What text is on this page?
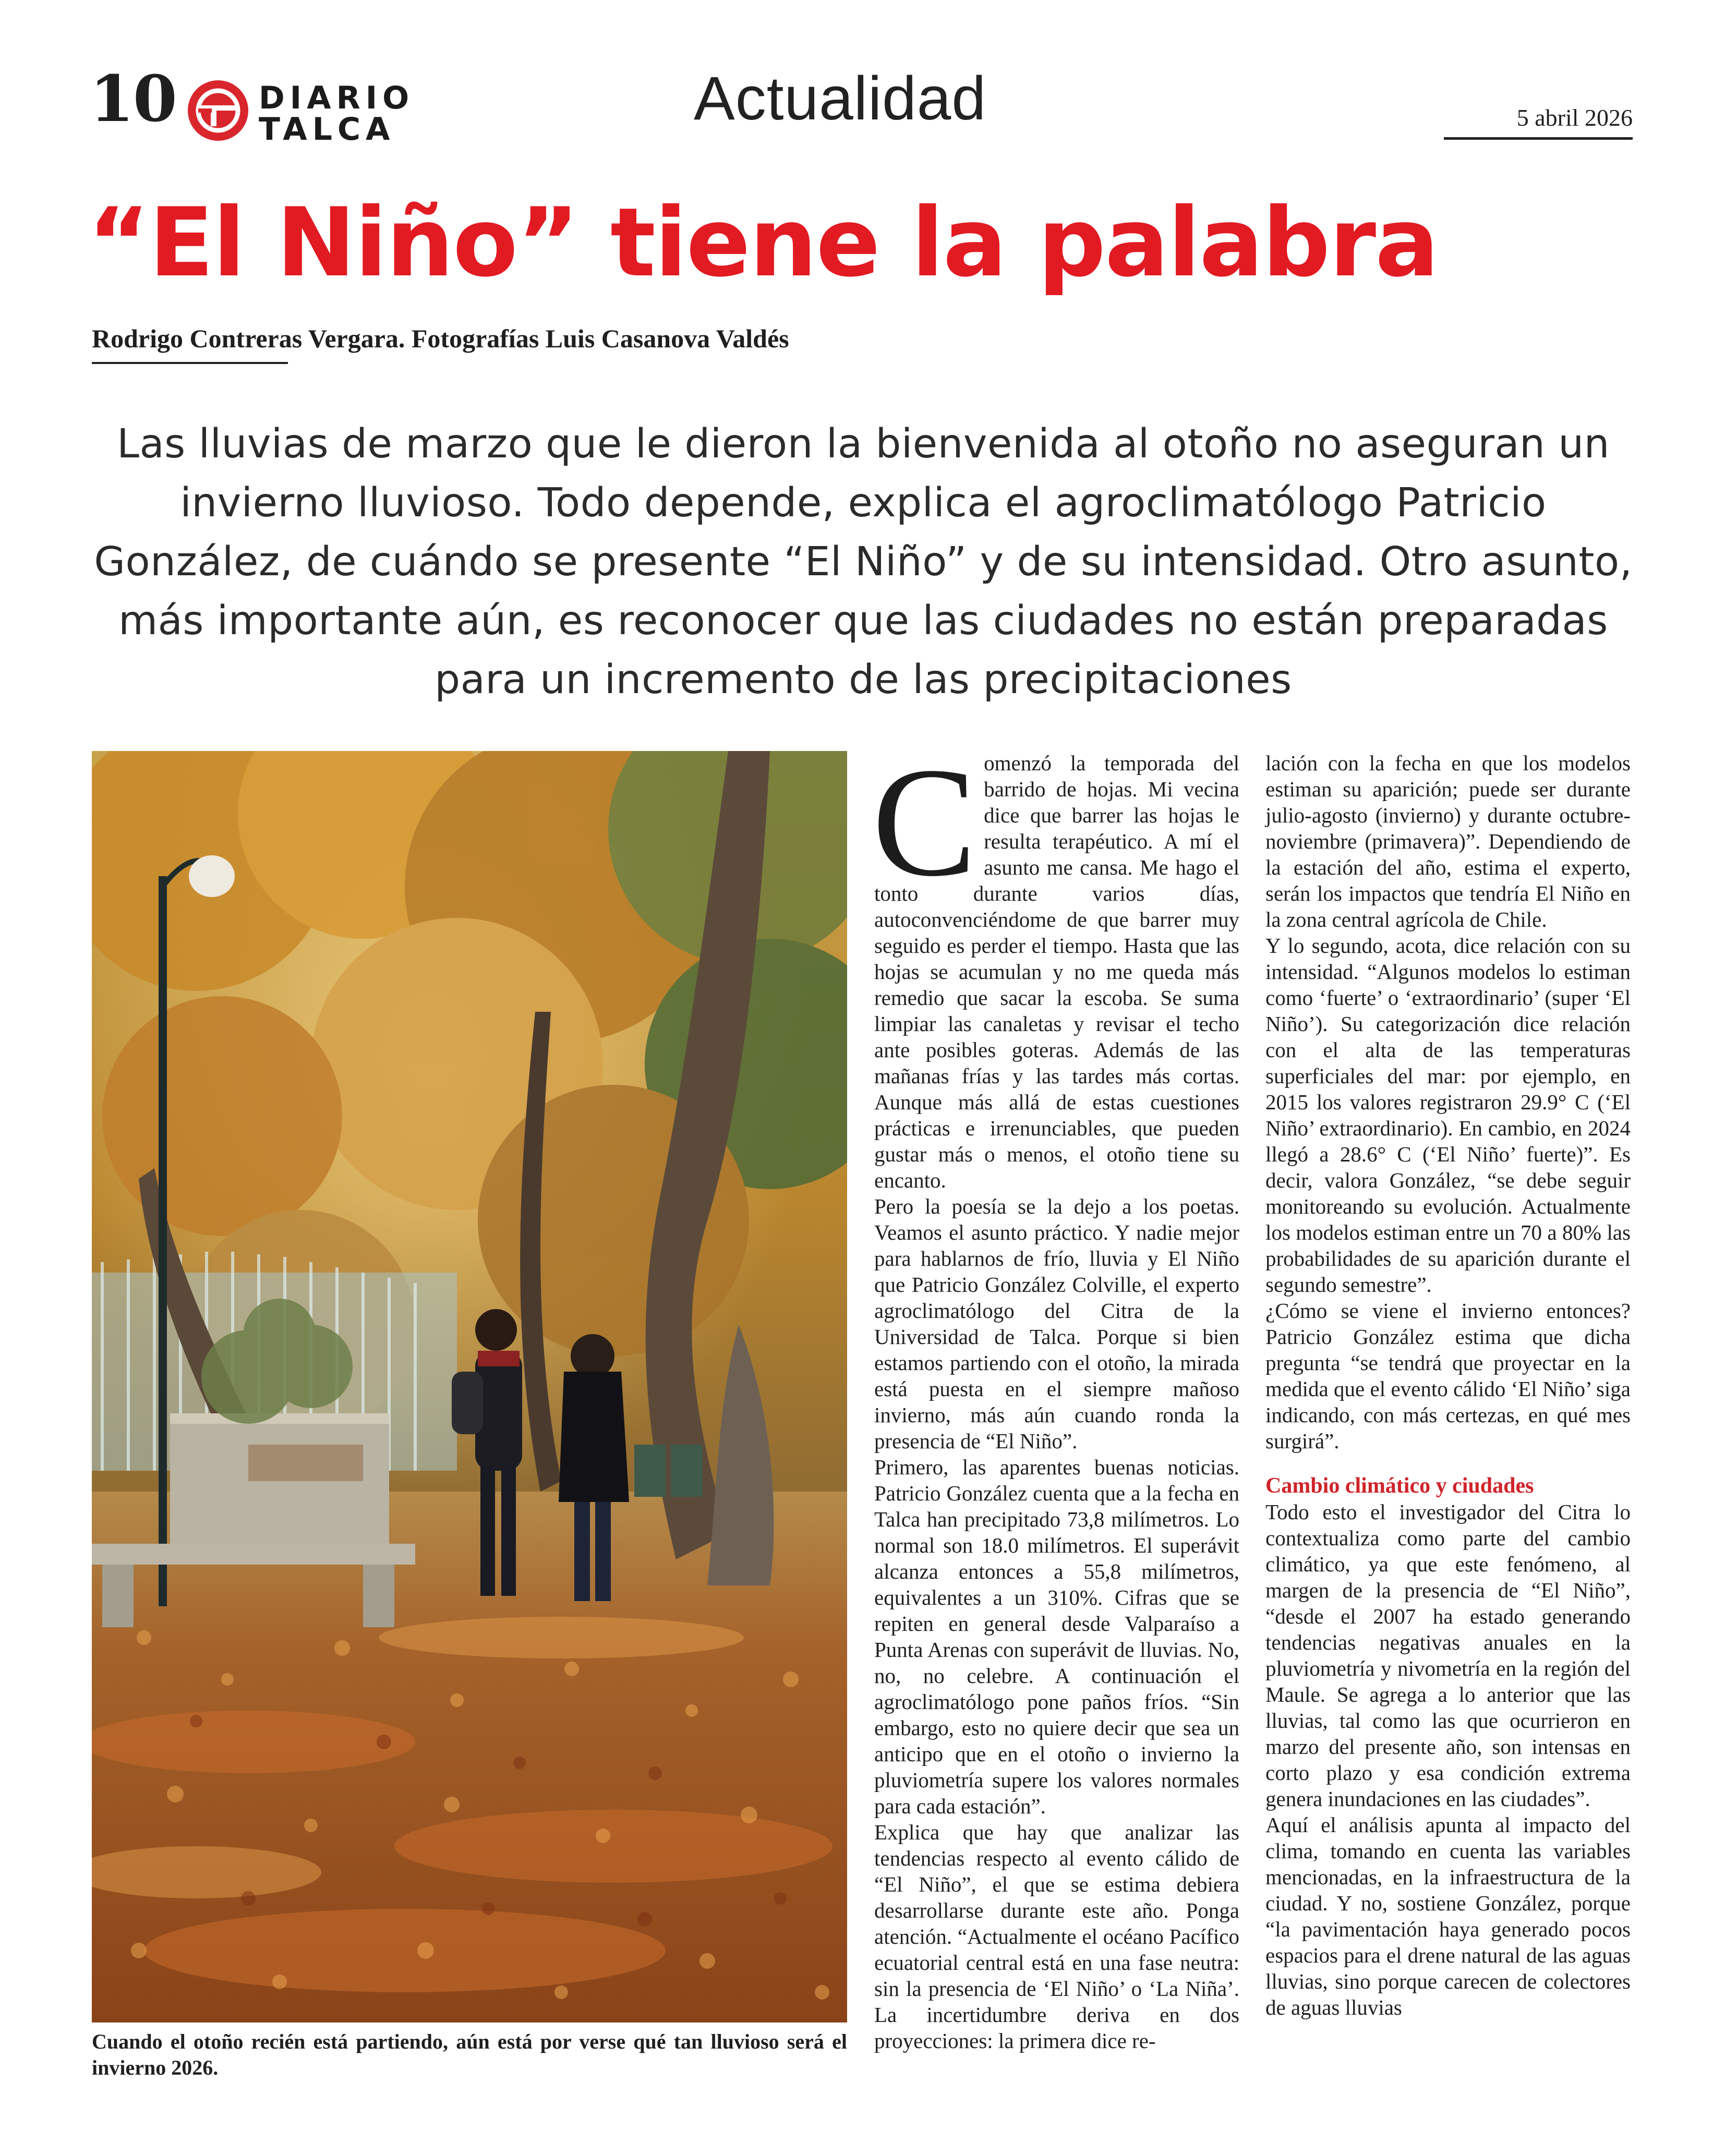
10	DIARIO
TALCA	Actualidad	5 abril 2026
“El Niño” tiene la palabra
Rodrigo Contreras Vergara. Fotografías Luis Casanova Valdés
Las lluvias de marzo que le dieron la bienvenida al otoño no aseguran un invierno lluvioso. Todo depende, explica el agroclimatólogo Patricio González, de cuándo se presente “El Niño” y de su intensidad. Otro asunto, más importante aún, es reconocer que las ciudades no están preparadas para un incremento de las precipitaciones
Cuando el otoño recién está partiendo, aún está por verse qué tan lluvioso será el invierno 2026.
C omenzó la temporada del barrido de hojas. Mi vecina dice que barrer las hojas le resulta terapéutico. A mí el asunto me cansa. Me hago el tonto durante varios días, autoconvenciéndome de que barrer muy seguido es perder el tiempo. Hasta que las hojas se acumulan y no me queda más remedio que sacar la escoba. Se suma limpiar las canaletas y revisar el techo ante posibles goteras. Además de las mañanas frías y las tardes más cortas. Aunque más allá de estas cuestiones prácticas e irrenunciables, que pueden gustar más o menos, el otoño tiene su encanto.

Pero la poesía se la dejo a los poetas. Veamos el asunto práctico. Y nadie mejor para hablarnos de frío, lluvia y El Niño que Patricio González Colville, el experto agroclimatólogo del Citra de la Universidad de Talca. Porque si bien estamos partiendo con el otoño, la mirada está puesta en el siempre mañoso invierno, más aún cuando ronda la presencia de “El Niño”.

Primero, las aparentes buenas noticias. Patricio González cuenta que a la fecha en Talca han precipitado 73,8 milímetros. Lo normal son 18.0 milímetros. El superávit alcanza entonces a 55,8 milímetros, equivalentes a un 310%. Cifras que se repiten en general desde Valparaíso a Punta Arenas con superávit de lluvias. No, no, no celebre. A continuación el agroclimatólogo pone paños fríos. “Sin embargo, esto no quiere decir que sea un anticipo que en el otoño o invierno la pluviometría supere los valores normales para cada estación”.

Explica que hay que analizar las tendencias respecto al evento cálido de “El Niño”, el que se estima debiera desarrollarse durante este año. Ponga atención. “Actualmente el océano Pacífico ecuatorial central está en una fase neutra: sin la presencia de ‘El Niño’ o ‘La Niña’. La incertidumbre deriva en dos proyecciones: la primera dice re-

lación con la fecha en que los modelos estiman su aparición; puede ser durante julio-agosto (invierno) y durante octubre-noviembre (primavera)”. Dependiendo de la estación del año, estima el experto, serán los impactos que tendría El Niño en la zona central agrícola de Chile.

Y lo segundo, acota, dice relación con su intensidad. “Algunos modelos lo estiman como ‘fuerte’ o ‘extraordinario’ (super ‘El Niño’). Su categorización dice relación con el alta de las temperaturas superficiales del mar: por ejemplo, en 2015 los valores registraron 29.9° C (‘El Niño’ extraordinario). En cambio, en 2024 llegó a 28.6° C (‘El Niño’ fuerte)”. Es decir, valora González, “se debe seguir monitoreando su evolución. Actualmente los modelos estiman entre un 70 a 80% las probabilidades de su aparición durante el segundo semestre”.

¿Cómo se viene el invierno entonces? Patricio González estima que dicha pregunta “se tendrá que proyectar en la medida que el evento cálido ‘El Niño’ siga indicando, con más certezas, en qué mes surgirá”.

Cambio climático y ciudades

Todo esto el investigador del Citra lo contextualiza como parte del cambio climático, ya que este fenómeno, al margen de la presencia de “El Niño”, “desde el 2007 ha estado generando tendencias negativas anuales en la pluviometría y nivometría en la región del Maule. Se agrega a lo anterior que las lluvias, tal como las que ocurrieron en marzo del presente año, son intensas en corto plazo y esa condición extrema genera inundaciones en las ciudades”.

Aquí el análisis apunta al impacto del clima, tomando en cuenta las variables mencionadas, en la infraestructura de la ciudad. Y no, sostiene González, porque “la pavimentación haya generado pocos espacios para el drene natural de las aguas lluvias, sino porque carecen de colectores de aguas lluvias
